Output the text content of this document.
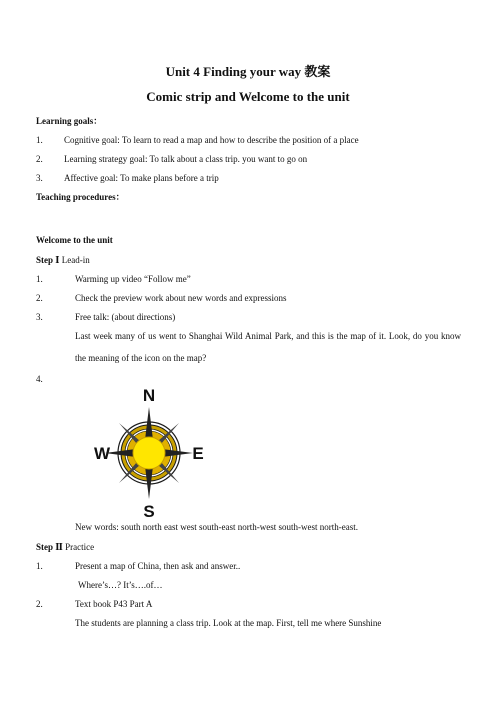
Unit 4 Finding your way 教案
Comic strip and Welcome to the unit
Learning goals：
1. Cognitive goal: To learn to read a map and how to describe the position of a place
2. Learning strategy goal: To talk about a class trip. you want to go on
3. Affective goal: To make plans before a trip
Teaching procedures：
Welcome to the unit
Step Ⅰ Lead-in
1.	Warming up video “Follow me”
2.	Check the preview work about new words and expressions
3.	Free talk: (about directions)
Last week many of us went to Shanghai Wild Animal Park, and this is the map of it. Look, do you know the meaning of the icon on the map?
4.
N
S
W	E
New words: south north east west south-east north-west south-west north-east.
Step Ⅱ Practice
1.	Present a map of China, then ask and answer..
Where’s…? It’s….of…
2.	Text book P43 Part A
The students are planning a class trip. Look at the map. First, tell me where Sunshine
